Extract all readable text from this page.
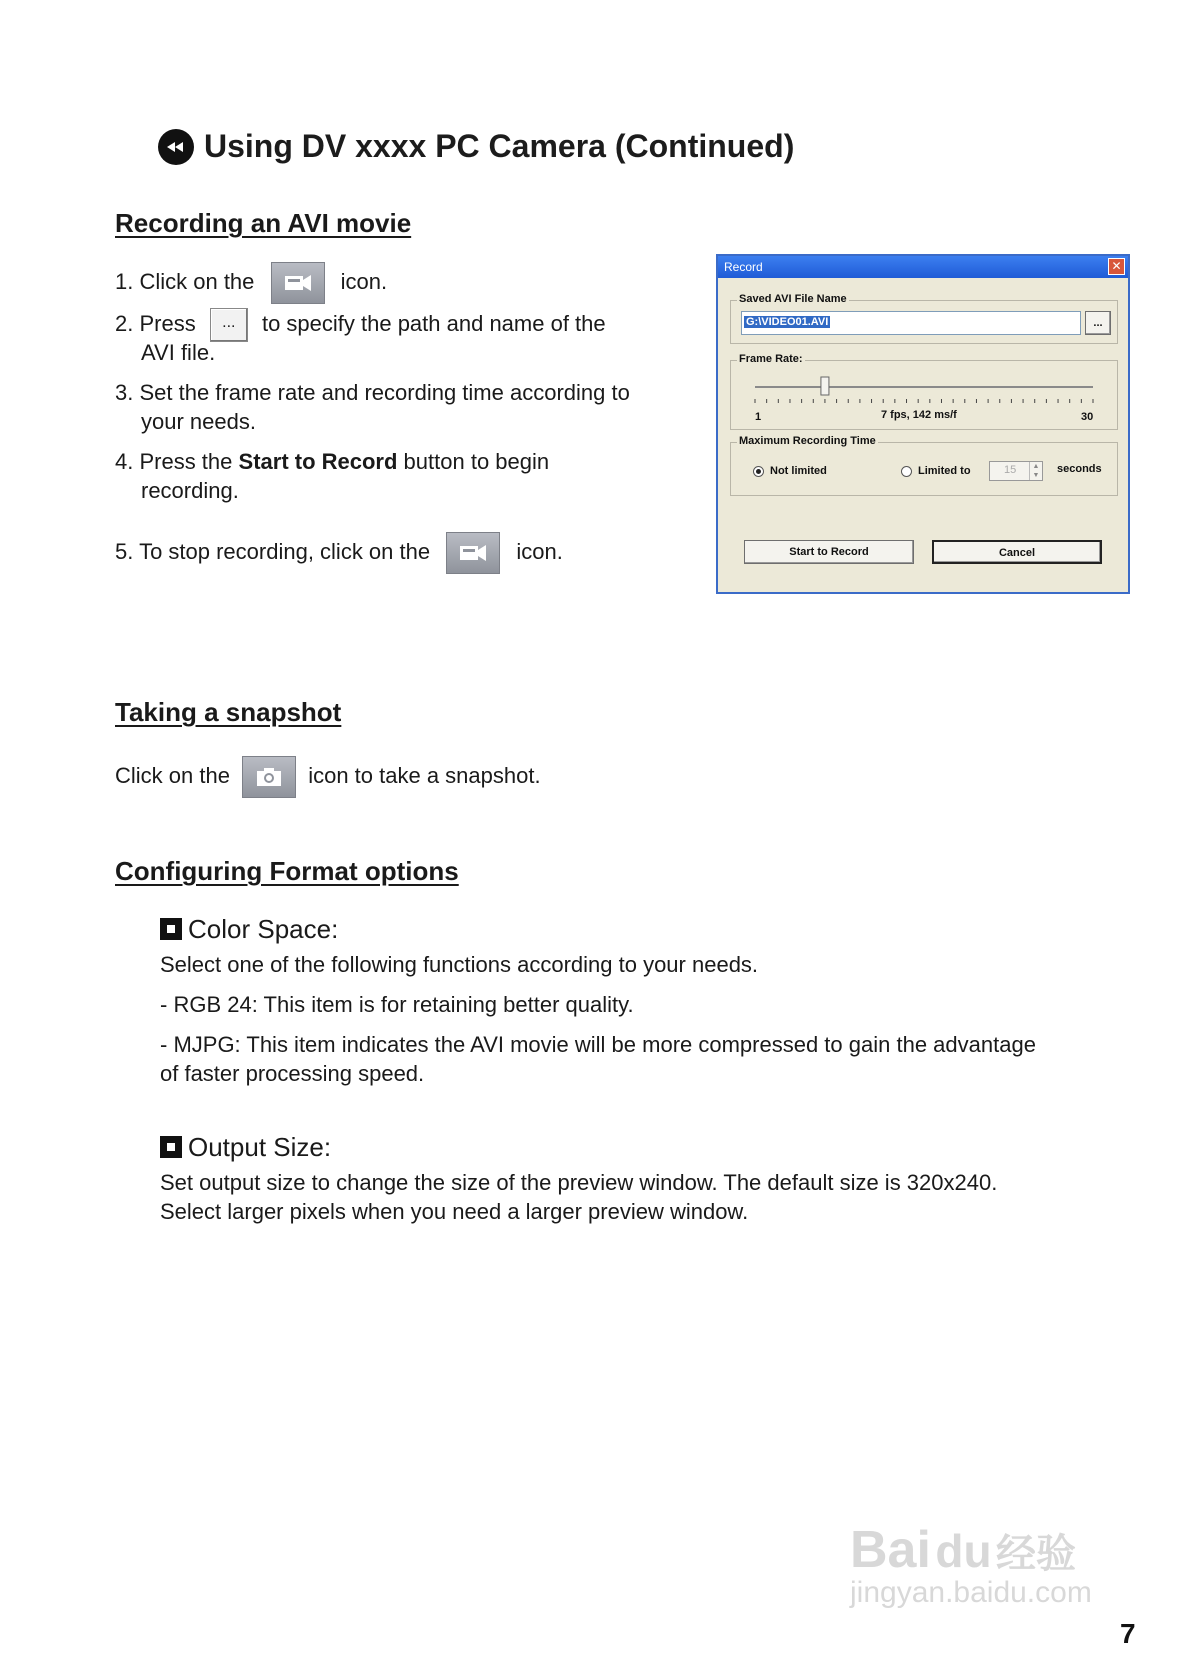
Using DV xxxx PC Camera (Continued)
Recording an AVI movie
1. Click on the	icon.
2. Press ... to specify the path and name of the
AVI file.
3. Set the frame rate and recording time according to
your needs.
4. Press the Start to Record button to begin
recording.
5. To stop recording, click on the	icon.
Record	✕
Saved AVI File Name
G:\VIDEO01.AVI	...
Frame Rate:
1	7 fps, 142 ms/f	30
Maximum Recording Time
Not limited	Limited to	15	▲
▼
seconds
Start to Record	Cancel
Taking a snapshot
Click on the	icon to take a snapshot.
Configuring Format options
Color Space:
Select one of the following functions according to your needs.
- RGB 24: This item is for retaining better quality.
- MJPG: This item indicates the AVI movie will be more compressed to gain the advantage
of faster processing speed.
Output Size:
Set output size to change the size of the preview window. The default size is 320x240.
Select larger pixels when you need a larger preview window.
Bai du 经验
jingyan.baidu.com
7
